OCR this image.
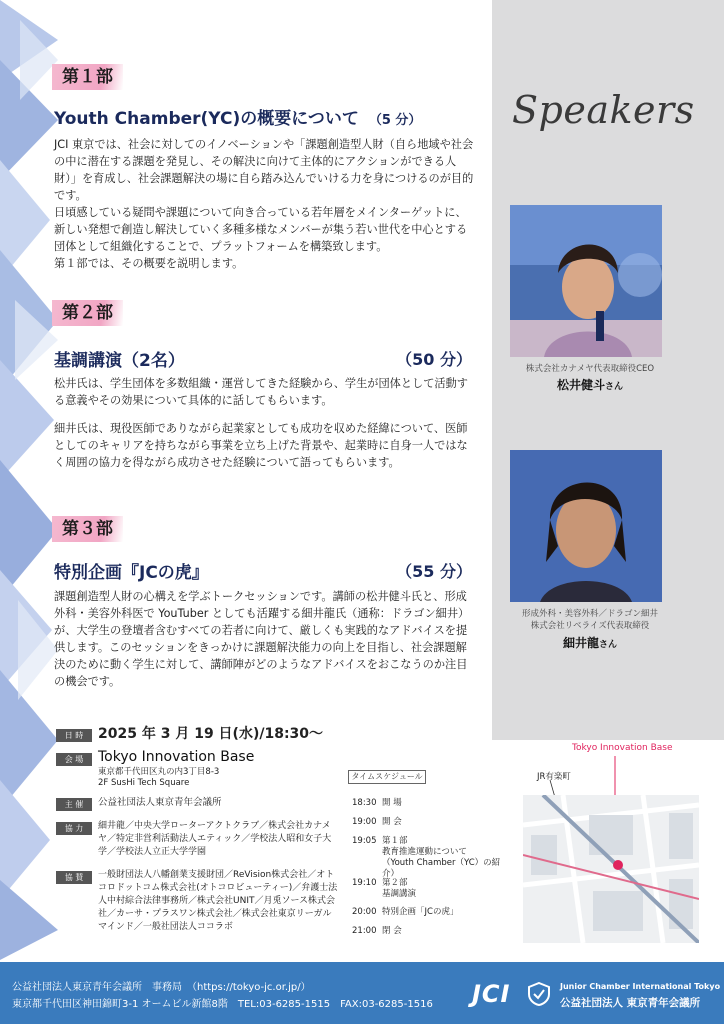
第１部
Youth Chamber(YC)の概要について （5 分）

JCI 東京では、社会に対してのイノベーションや「課題創造型人財（自ら地域や社会の中に潜在する課題を発見し、その解決に向けて主体的にアクションができる人財）」を育成し、社会課題解決の場に自ら踏み込んでいける力を身につけるのが目的です。

日頃感している疑問や課題について向き合っている若年層をメインターゲットに、新しい発想で創造し解決していく多種多様なメンバーが集う若い世代を中心とする団体として組織化することで、プラットフォームを構築致します。

第１部では、その概要を説明します。

第２部
基調講演（2名）	（50 分）

松井氏は、学生団体を多数組織・運営してきた経験から、学生が団体として活動する意義やその効果について具体的に話してもらいます。

細井氏は、現役医師でありながら起業家としても成功を収めた経緯について、医師としてのキャリアを持ちながら事業を立ち上げた背景や、起業時に自身一人ではなく周囲の協力を得ながら成功させた経験について語ってもらいます。

第３部
特別企画『JCの虎』	（55 分）

課題創造型人財の心構えを学ぶトークセッションです。講師の松井健斗氏と、形成外科・美容外科医で YouTuber としても活躍する細井龍氏（通称：ドラゴン細井）が、大学生の登壇者含むすべての若者に向けて、厳しくも実践的なアドバイスを提供します。このセッションをきっかけに課題解決能力の向上を目指し、社会課題解決のために動く学生に対して、講師陣がどのようなアドバイスをおこなうのか注目の機会です。

Speakers
株式会社カナメヤ代表取締役CEO
松井健斗さん
形成外科・美容外科／ドラゴン細井
株式会社リベライズ代表取締役
細井龍さん
日 時	2025 年 3 月 19 日(水)/18:30～
会 場	Tokyo Innovation Base
東京都千代田区丸の内3丁目8-3
2F SusHi Tech Square
主 催	公益社団法人東京青年会議所
協 力	細井龍／中央大学ローターアクトクラブ／株式会社カナメヤ／特定非営利活動法人エティック／学校法人昭和女子大学／学校法人立正大学学園
協 賛	一般財団法人八幡創業支援財団／ReVision株式会社／オトコロドットコム株式会社(オトコロビューティー)／弁護士法人中村綜合法律事務所／株式会社UNIT／月兎ソース株式会社／カーサ・プラスワン株式会社／株式会社東京リーガルマインド／一般社団法人ココラボ
タイムスケジュール
18:30 開 場
19:00 開 会
19:05 第１部
教育推進運動について
（Youth Chamber（YC）の紹介）
19:10 第２部
基調講演
20:00 特別企画「JCの虎」
21:00 閉 会
Tokyo Innovation Base
JR有楽町
公益社団法人東京青年会議所　事務局　（https://tokyo-jc.or.jp/）
東京都千代田区神田錦町3-1 オームビル新館8階　TEL:03-6285-1515　FAX:03-6285-1516 JCI	Junior Chamber International Tokyo
公益社団法人 東京青年会議所
